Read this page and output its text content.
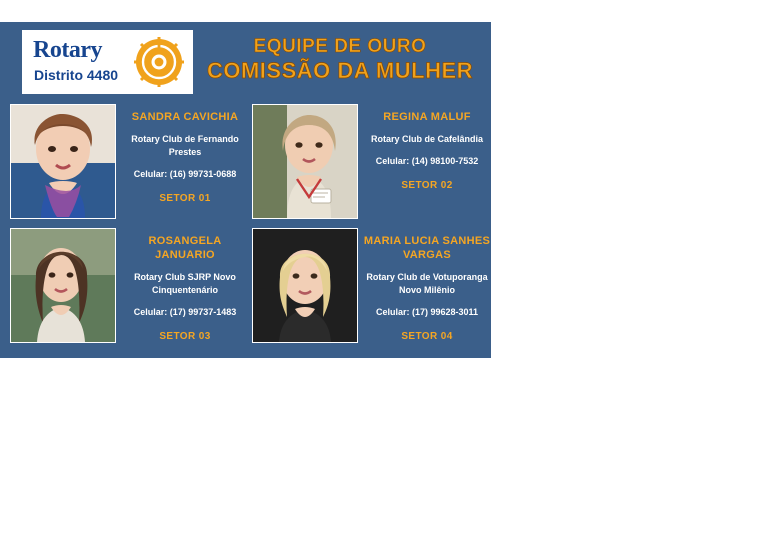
Rotary
Distrito 4480
EQUIPE DE OURO
COMISSÃO DA MULHER
SANDRA CAVICHIA
Rotary Club de Fernando Prestes
Celular: (16) 99731-0688
SETOR 01
REGINA MALUF
Rotary Club de Cafelândia
Celular: (14) 98100-7532
SETOR 02
ROSANGELA JANUARIO
Rotary Club SJRP Novo Cinquentenário
Celular: (17) 99737-1483
SETOR 03
MARIA LUCIA SANHES VARGAS
Rotary Club de Votuporanga Novo Milênio
Celular: (17) 99628-3011
SETOR 04
